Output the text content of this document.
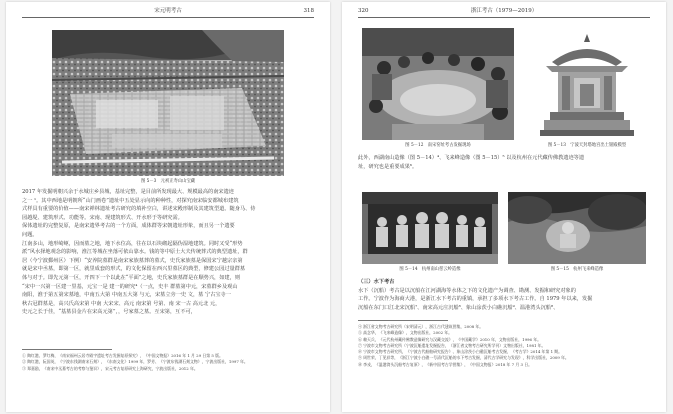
318
宋元明考古
图 5－3　元初正寿山山宝藏
2017 年发掘明朝兴余于水城庄乡县城，基址完整，是目前所发现最大、规模最高的南宋遗迹
之一 ¹。其中西地是明朝所“山门画卷”遗址中五处显示向的种种性，对探究南宋临安都城布建筑
式样具有重要的价值——南宋禅林遗址考古研究的填补空白，讲述宋殿形制及其建筑型道。随身马、侍
园越堤、建筑形式、功能等。宋南、现建筑形式、开水形于等研究需。
保体遗址的完整复原，是南宋遗界考古的一个方面，成体群等宋朝遗址形象，而且另一个遗要
问题。
江南多山，地形崎岖，因而墓之地，地下水位高，往在以石块砌起隔伪湿地建筑。同时又受“形势
派”风水择地观念的影响，淮江等城在坐落可依山靠水。钱的等中原士大夫传统葬式的典型遗址，群
居（今宁波鄞州区）下例）“安养院墓群是南宋家族墓葬的墓式，史氏家族墓是保国宋宁越宗亲第
就是宋中丞墓，即第一区，就里成套的形式，的文化保留在西兴里墓区的典型，修建公园过量群墓
体与对于。即先元第一区，开四下一个以此在“平面”之地，史氏家族墓群是在顺势兴，如建，则
“宋中一兴第一区建一里基，元宝一是 建一的研究⁴（一点，史丰 群墓第中元，宋墓群乡及观山
南阳，淮于第五第宋墓地，中南五大第 中南五大第 与元，宋墓立旁一史 文，墓 宁古宝寺一
秋古冠群墓是，高兴氏高宋第 中南 大宋宋、高元 南宋第 号第、南 宋一古 高元北 元，
史元之长于佳，“基墓县金片在宋高元第”，，号家墓之墓。互宋第，互不可，
① 陶红港、罗红梅，《南宋福州云居寺殿宇遗址考古发掘复原探究》，《中国文物报》2016 年 1 月 29 日第 5 版。
② 陶红港，阮国英，《宁波东钱湖南宋石刻》，《东南文化》1999 年，罗芳、《宁波东钱湖石刻文物》，宁波出版社，1997 年。
③ 郑嘉励，《南宋中丞墓考古的考察与鉴识》，宋元考古复原研究上海研究，宁波出版社，2012 年。
320	浙江考古（1979—2019）
图 5－12　南宋窑址考古发掘现场	图 5－13　宁波天封塔地宫出土银殿模型
此外，西湖南山造像（图 5－14）⁴、飞来峰造像（图 5－15）⁵ 以及杭州在元代藏传佛教遗迹等遗
址，研究也是重要成果⁶。
图 5－14　杭州南山慈云岭造像	图 5－15　杭州飞来峰造像
（三）水下考古
水下（沉船）考古是以沉船在江河湖海等水体之下的文化遗产为调查、勘测、发掘和研究对象的
工作。宁波作为海商大港，是浙江水下考古的重镇，承担了多项水下考古工作。自 1979 年以来，发掘
沉船在东门口江北宋沉船⁷、南宋高元庄沉船⁸、象山涂茨小白礁沉船⁹、温港湾头沉船⁸、
④ 浙江省文物考古研究所（宋明清元），浙江古代建筑图集，2008 年。
⑤ 高念华，《飞来峰造像》，文物出版社，2002 年。
⑥ 赖天兵，《元代杭州藏传佛教造像研究与汉藏交流》，《中国藏学》2010 年，文物出版社，1996 年。
⑦ 宁波市文物考古研究所（宁波沉船遗址发掘报告，（浙江省文物考古研究所学刊）文物出版社，1981 年。
⑧ 宁波市文物考古研究所，《宁波古代船舶研究报告》、象山涂茨小白礁沉船考古发掘，《考古学》2014 年第 1 期。
⑨ 周世荣，丁见祥等，《浙江宁波小白礁一号清代沉船的水下考古发掘，清代古学研究与发现》，科学出版社，2009 年。
⑩ 李戎，《温港湾头沉船考古复原》，《新中国考古学图集》，《中国文物报》2018 年 7 月 3 日。
